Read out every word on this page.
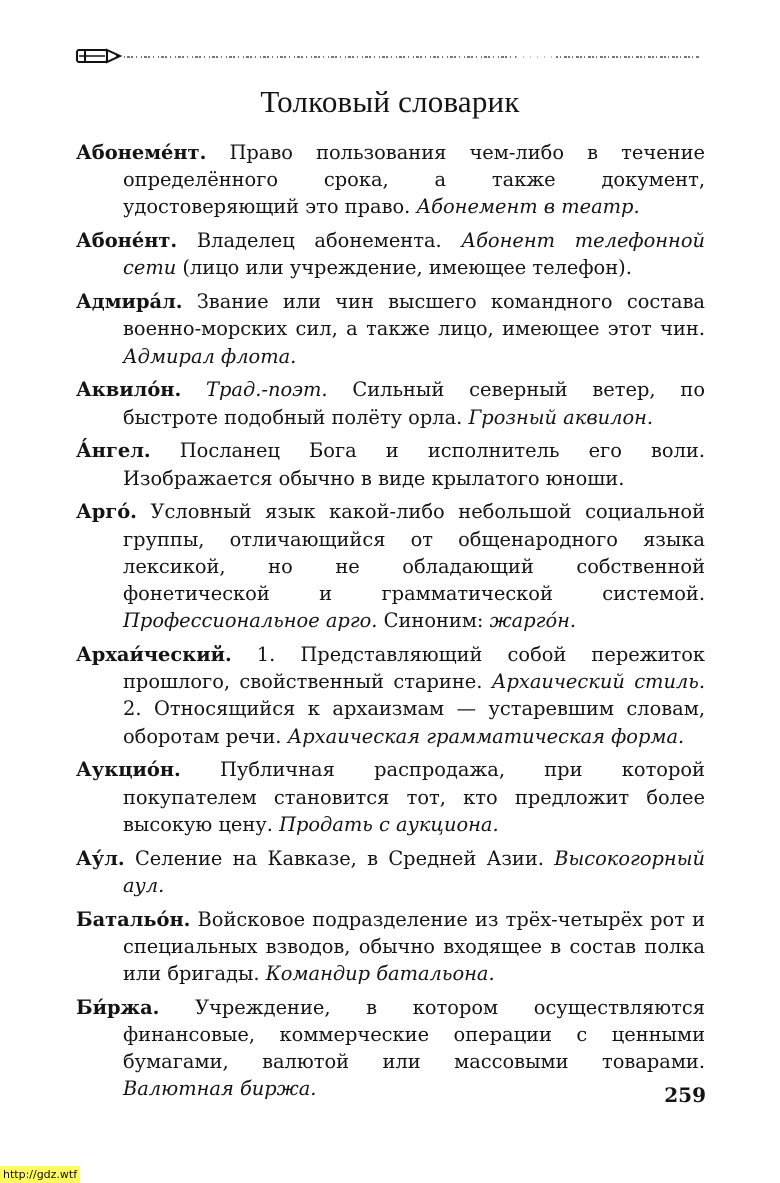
Толковый словарик

Абонеме́нт. Право пользования чем-либо в течение определённого срока, а также документ, удостоверяющий это право. Абонемент в театр.

Абоне́нт. Владелец абонемента. Абонент телефонной сети (лицо или учреждение, имеющее телефон).

Адмира́л. Звание или чин высшего командного состава военно-морских сил, а также лицо, имеющее этот чин. Адмирал флота.

Аквило́н. Трад.-поэт. Сильный северный ветер, по быстроте подобный полёту орла. Грозный аквилон.

А́нгел. Посланец Бога и исполнитель его воли. Изображается обычно в виде крылатого юноши.

Арго́. Условный язык какой-либо небольшой социальной группы, отличающийся от общенародного языка лексикой, но не обладающий собственной фонетической и грамматической системой. Профессиональное арго. Синоним: жарго́н.

Архаи́ческий. 1. Представляющий собой пережиток прошлого, свойственный старине. Архаический стиль. 2. Относящийся к архаизмам — устаревшим словам, оборотам речи. Архаическая грамматическая форма.

Аукцио́н. Публичная распродажа, при которой покупателем становится тот, кто предложит более высокую цену. Продать с аукциона.

Ау́л. Селение на Кавказе, в Средней Азии. Высокогорный аул.

Батальо́н. Войсковое подразделение из трёх-четырёх рот и специальных взводов, обычно входящее в состав полка или бригады. Командир батальона.

Би́ржа. Учреждение, в котором осуществляются финансовые, коммерческие операции с ценными бумагами, валютой или массовыми товарами. Валютная биржа.	259
http://gdz.wtf
